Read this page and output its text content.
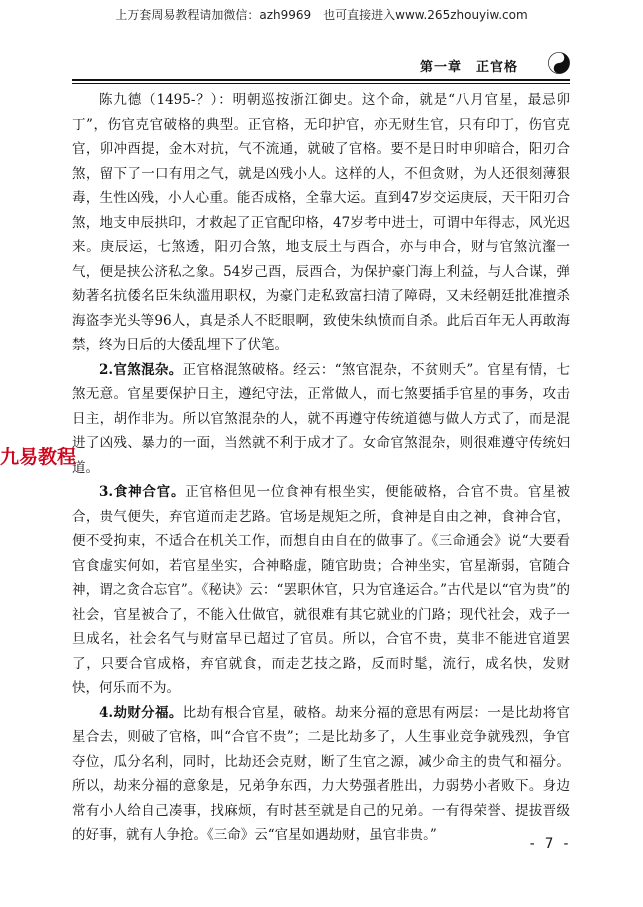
上万套周易教程请加微信：azh9969　也可直接进入www.265zhouyiw.com
第一章　正官格

陈九德（1495-？）：明朝巡按浙江御史。这个命，就是“八月官星，最忌卯丁”，伤官克官破格的典型。正官格，无印护官，亦无财生官，只有印丁，伤官克官，卯冲酉提，金木对抗，气不流通，就破了官格。要不是日时申卯暗合，阳刃合煞，留下了一口有用之气，就是凶残小人。这样的人，不但贪财，为人还很刻薄狠毒，生性凶残，小人心重。能否成格，全靠大运。直到47岁交运庚辰，天干阳刃合煞，地支申辰拱印，才救起了正官配印格，47岁考中进士，可谓中年得志，风光迟来。庚辰运，七煞透，阳刃合煞，地支辰土与酉合，亦与申合，财与官煞沆瀣一气，便是挟公济私之象。54岁己酉，辰酉合，为保护豪门海上利益，与人合谋，弹劾著名抗倭名臣朱纨滥用职权，为豪门走私致富扫清了障碍，又未经朝廷批准擅杀海盗李光头等96人，真是杀人不眨眼啊，致使朱纨愤而自杀。此后百年无人再敢海禁，终为日后的大倭乱埋下了伏笔。

2.官煞混杂。正官格混煞破格。经云：“煞官混杂，不贫则夭”。官星有情，七煞无意。官星要保护日主，遵纪守法，正常做人，而七煞要插手官星的事务，攻击日主，胡作非为。所以官煞混杂的人，就不再遵守传统道德与做人方式了，而是混进了凶残、暴力的一面，当然就不利于成才了。女命官煞混杂，则很难遵守传统妇道。

3.食神合官。正官格但见一位食神有根坐实，便能破格，合官不贵。官星被合，贵气便失，弃官道而走艺路。官场是规矩之所，食神是自由之神，食神合官，便不受拘束，不适合在机关工作，而想自由自在的做事了。《三命通会》说“大要看官食虚实何如，若官星坐实，合神略虚，随官助贵；合神坐实，官星渐弱，官随合神，谓之贪合忘官”。《秘诀》云：“罢职休官，只为官逢运合。”古代是以“官为贵”的社会，官星被合了，不能入仕做官，就很难有其它就业的门路；现代社会，戏子一旦成名，社会名气与财富早已超过了官员。所以，合官不贵，莫非不能进官道罢了，只要合官成格，弃官就食，而走艺技之路，反而时髦，流行，成名快，发财快，何乐而不为。

4.劫财分福。比劫有根合官星，破格。劫来分福的意思有两层：一是比劫将官星合去，则破了官格，叫“合官不贵”；二是比劫多了，人生事业竞争就残烈，争官夺位，瓜分名利，同时，比劫还会克财，断了生官之源，减少命主的贵气和福分。所以，劫来分福的意象是，兄弟争东西，力大势强者胜出，力弱势小者败下。身边常有小人给自己凑事，找麻烦，有时甚至就是自己的兄弟。一有得荣誉、提拔晋级的好事，就有人争抢。《三命》云“官星如遇劫财，虽官非贵。”

九易教程
- 7 -
